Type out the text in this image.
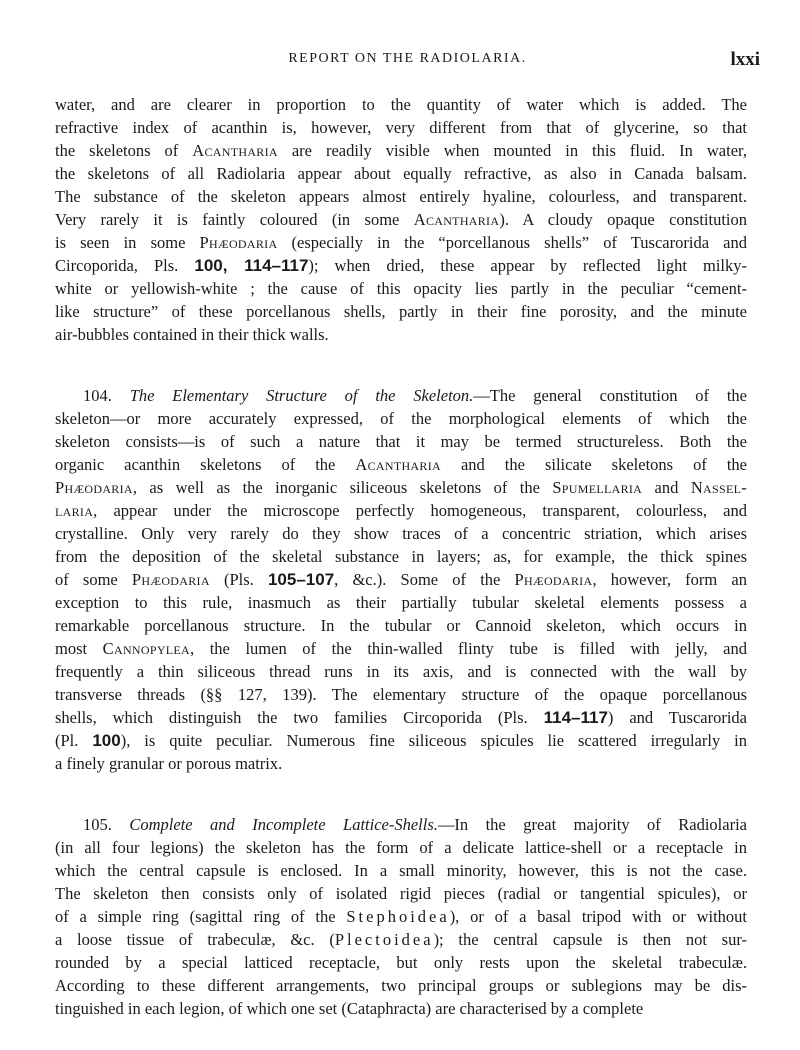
REPORT ON THE RADIOLARIA.	lxxi
water, and are clearer in proportion to the quantity of water which is added. The
refractive index of acanthin is, however, very different from that of glycerine, so that
the skeletons of Acantharia are readily visible when mounted in this fluid. In water,
the skeletons of all Radiolaria appear about equally refractive, as also in Canada balsam.
The substance of the skeleton appears almost entirely hyaline, colourless, and transparent.
Very rarely it is faintly coloured (in some Acantharia). A cloudy opaque constitution
is seen in some Phæodaria (especially in the “porcellanous shells” of Tuscarorida and
Circoporida, Pls. 100, 114–117); when dried, these appear by reflected light milky-
white or yellowish-white ; the cause of this opacity lies partly in the peculiar “cement-
like structure” of these porcellanous shells, partly in their fine porosity, and the minute
air-bubbles contained in their thick walls.
104. The Elementary Structure of the Skeleton.—The general constitution of the
skeleton—or more accurately expressed, of the morphological elements of which the
skeleton consists—is of such a nature that it may be termed structureless. Both the
organic acanthin skeletons of the Acantharia and the silicate skeletons of the
Phæodaria, as well as the inorganic siliceous skeletons of the Spumellaria and Nassel-
laria, appear under the microscope perfectly homogeneous, transparent, colourless, and
crystalline. Only very rarely do they show traces of a concentric striation, which arises
from the deposition of the skeletal substance in layers; as, for example, the thick spines
of some Phæodaria (Pls. 105–107, &c.). Some of the Phæodaria, however, form an
exception to this rule, inasmuch as their partially tubular skeletal elements possess a
remarkable porcellanous structure. In the tubular or Cannoid skeleton, which occurs in
most Cannopylea, the lumen of the thin-walled flinty tube is filled with jelly, and
frequently a thin siliceous thread runs in its axis, and is connected with the wall by
transverse threads (§§ 127, 139). The elementary structure of the opaque porcellanous
shells, which distinguish the two families Circoporida (Pls. 114–117) and Tuscarorida
(Pl. 100), is quite peculiar. Numerous fine siliceous spicules lie scattered irregularly in
a finely granular or porous matrix.
105. Complete and Incomplete Lattice-Shells.—In the great majority of Radiolaria
(in all four legions) the skeleton has the form of a delicate lattice-shell or a receptacle in
which the central capsule is enclosed. In a small minority, however, this is not the case.
The skeleton then consists only of isolated rigid pieces (radial or tangential spicules), or
of a simple ring (sagittal ring of the Stephoidea), or of a basal tripod with or without
a loose tissue of trabeculæ, &c. (Plectoidea); the central capsule is then not sur-
rounded by a special latticed receptacle, but only rests upon the skeletal trabeculæ.
According to these different arrangements, two principal groups or sublegions may be dis-
tinguished in each legion, of which one set (Cataphracta) are characterised by a complete
